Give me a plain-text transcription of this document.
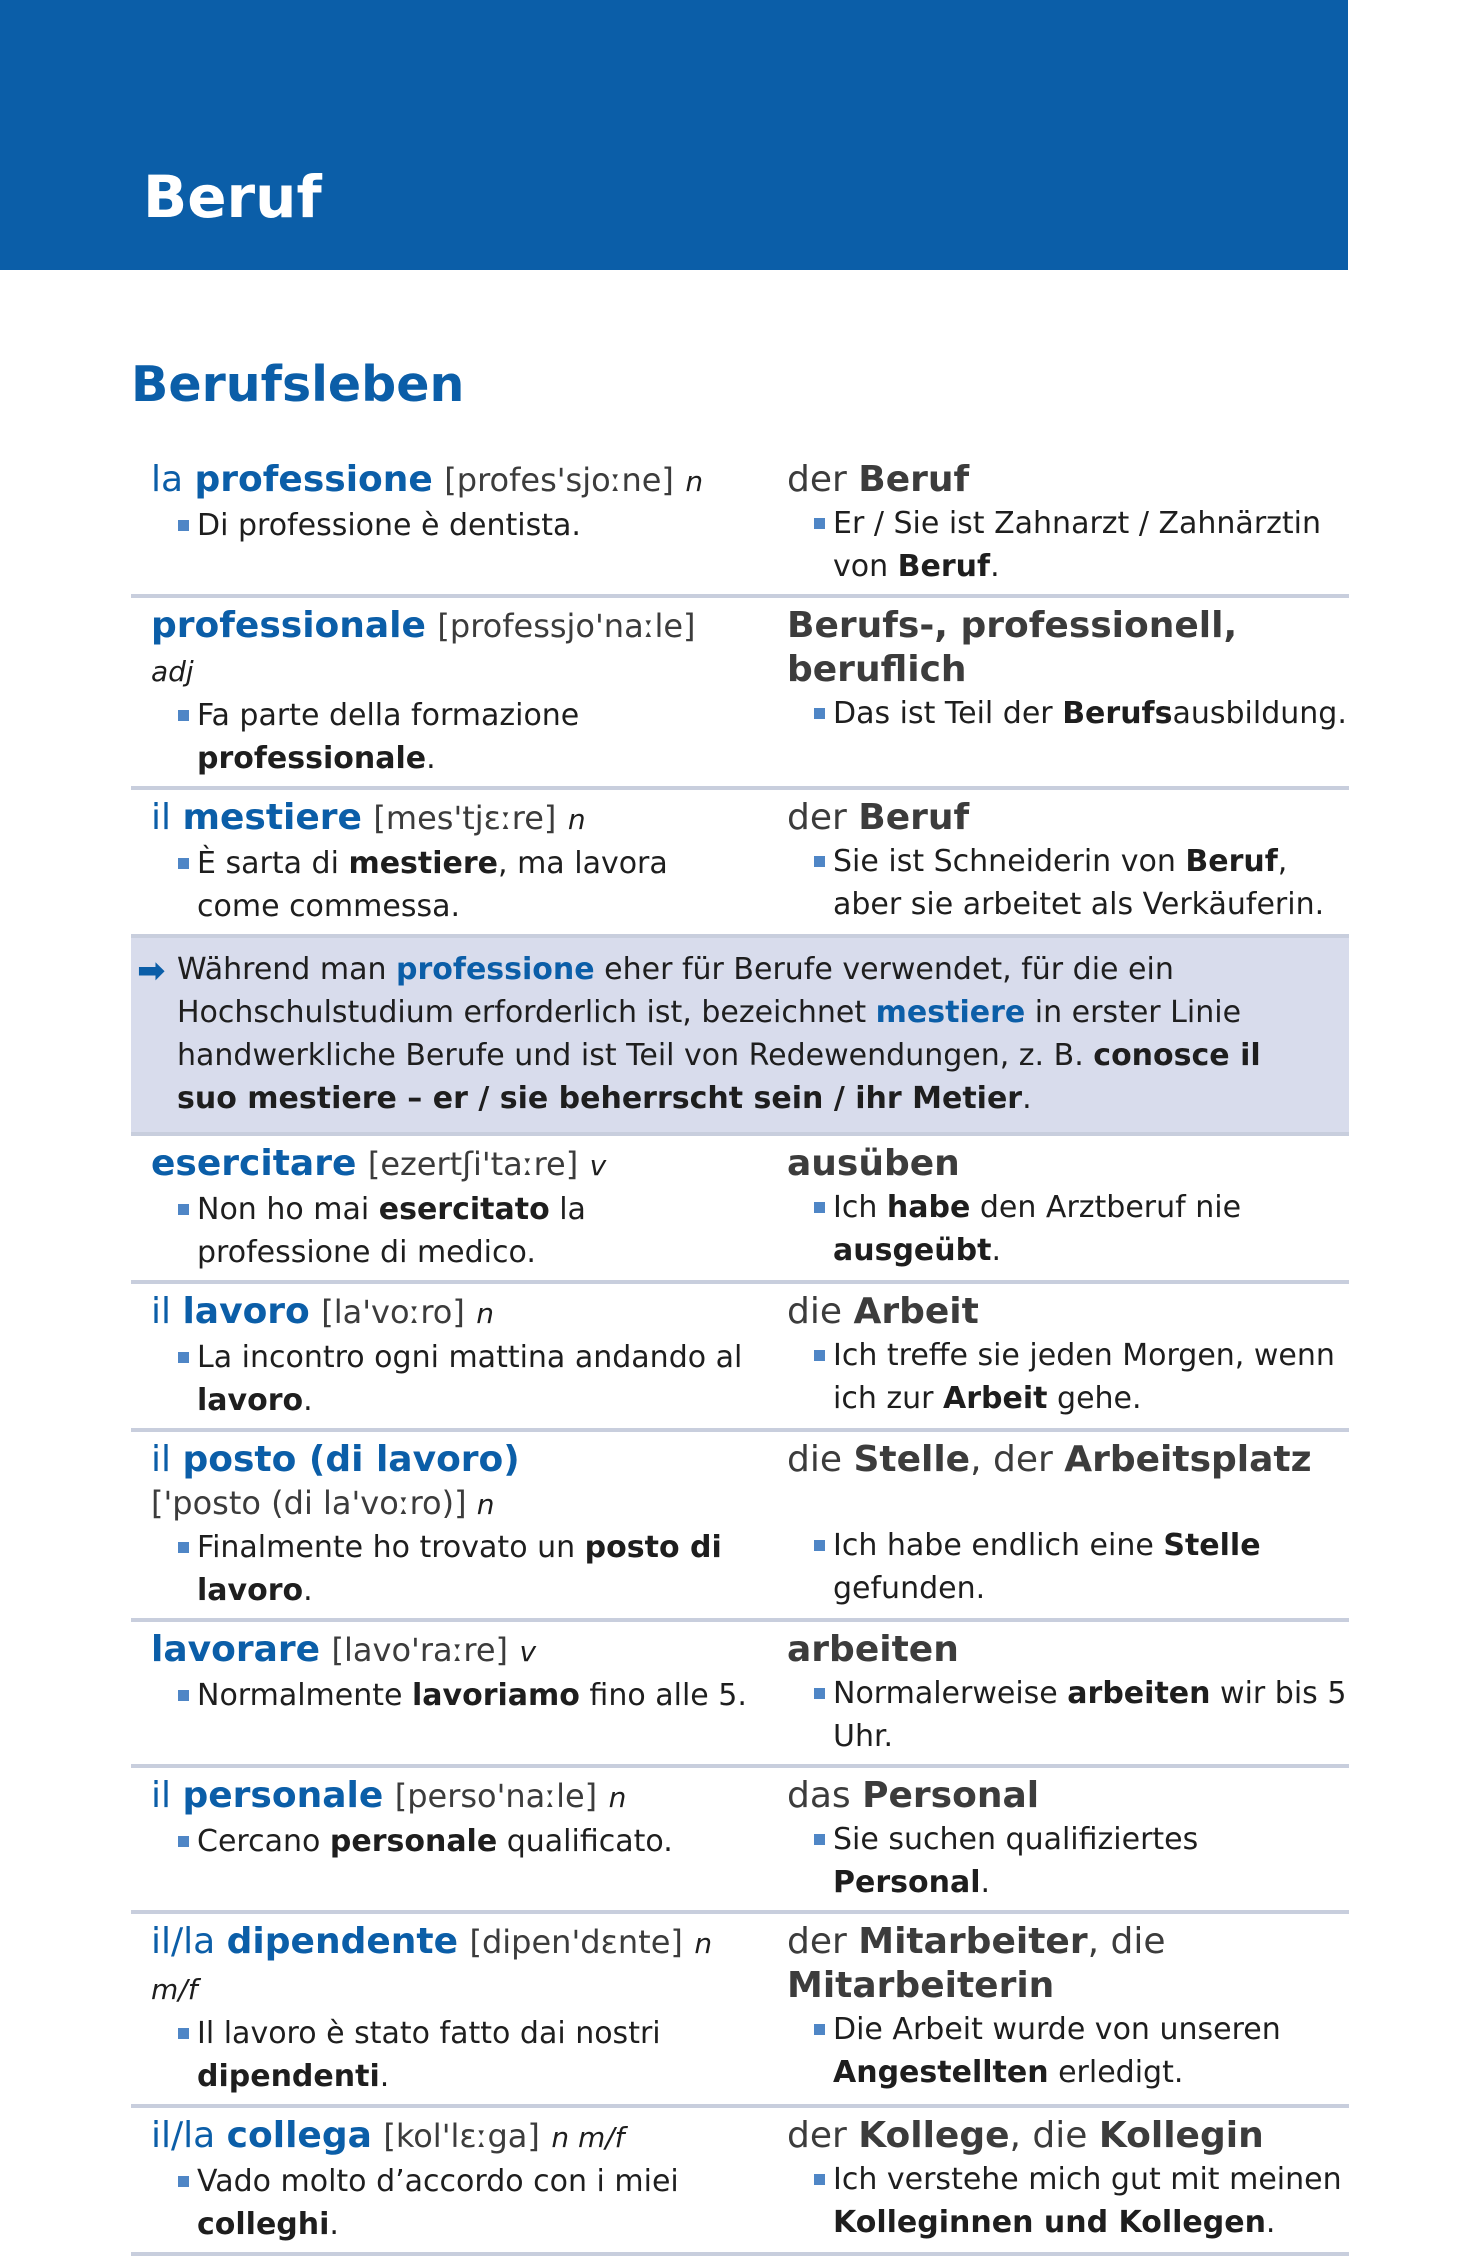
Beruf
Berufsleben
la professione [profes'sjoːne] n
Di professione è dentista.
der Beruf
Er / Sie ist Zahnarzt / Zahnärztin von Beruf.
professionale [professjo'naːle] adj
Fa parte della formazione professionale.
Berufs-, professionell, beruflich
Das ist Teil der Berufsausbildung.
il mestiere [mes'tjɛːre] n
È sarta di mestiere, ma lavora come commessa.
der Beruf
Sie ist Schneiderin von Beruf, aber sie arbeitet als Verkäuferin.
➡ Während man professione eher für Berufe verwendet, für die ein Hochschulstudium erforderlich ist, bezeichnet mestiere in erster Linie handwerkliche Berufe und ist Teil von Redewendungen, z. B. conosce il suo mestiere – er / sie beherrscht sein / ihr Metier.
esercitare [ezertʃi'taːre] v
Non ho mai esercitato la professione di medico.
ausüben
Ich habe den Arztberuf nie ausgeübt.
il lavoro [la'voːro] n
La incontro ogni mattina andando al lavoro.
die Arbeit
Ich treffe sie jeden Morgen, wenn ich zur Arbeit gehe.
il posto (di lavoro)
['posto (di la'voːro)] n
Finalmente ho trovato un posto di lavoro.
die Stelle, der Arbeitsplatz

Ich habe endlich eine Stelle gefunden.
lavorare [lavo'raːre] v
Normalmente lavoriamo fino alle 5.
arbeiten
Normalerweise arbeiten wir bis 5 Uhr.
il personale [perso'naːle] n
Cercano personale qualificato.
das Personal
Sie suchen qualifiziertes Personal.
il/la dipendente [dipen'dɛnte] n m/f
Il lavoro è stato fatto dai nostri dipendenti.
der Mitarbeiter, die Mitarbeiterin
Die Arbeit wurde von unseren Angestellten erledigt.
il/la collega [kol'lɛːga] n m/f
Vado molto d’accordo con i miei colleghi.
der Kollege, die Kollegin
Ich verstehe mich gut mit meinen Kolleginnen und Kollegen.
